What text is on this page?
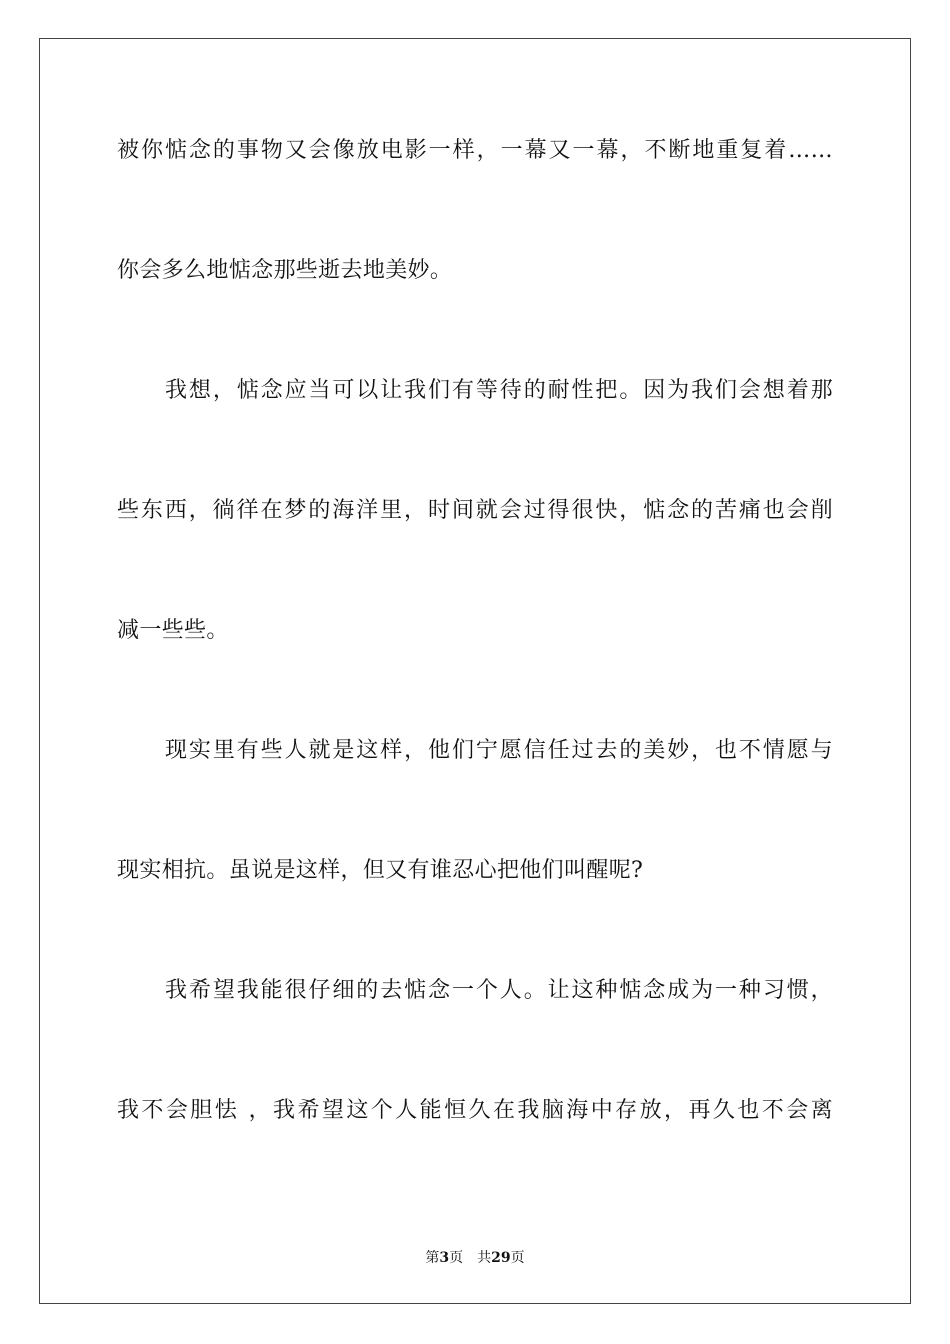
被你惦念的事物又会像放电影一样，一幕又一幕，不断地重复着……
你会多么地惦念那些逝去地美妙。
我想，惦念应当可以让我们有等待的耐性把。因为我们会想着那
些东西，徜徉在梦的海洋里，时间就会过得很快，惦念的苦痛也会削
减一些些。
现实里有些人就是这样，他们宁愿信任过去的美妙，也不情愿与
现实相抗。虽说是这样，但又有谁忍心把他们叫醒呢?
我希望我能很仔细的去惦念一个人。让这种惦念成为一种习惯，
我不会胆怯 ，我希望这个人能恒久在我脑海中存放，再久也不会离
第3页 共29页
